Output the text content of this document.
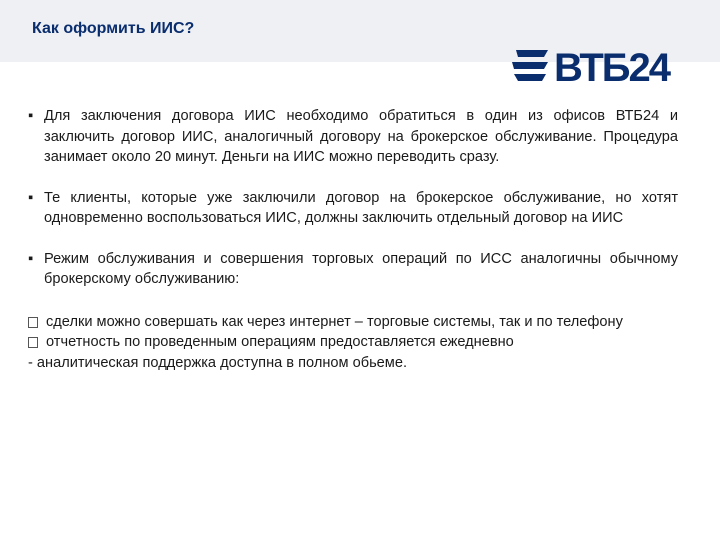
Как оформить ИИС?
ВТБ24
▪ Для заключения договора ИИС необходимо обратиться в один из офисов ВТБ24 и заключить договор ИИС, аналогичный договору на брокерское обслуживание. Процедура занимает около 20 минут. Деньги на ИИС можно переводить сразу.
▪ Те клиенты, которые уже заключили договор на брокерское обслуживание, но хотят одновременно воспользоваться ИИС, должны заключить отдельный договор на ИИС
▪ Режим обслуживания и совершения торговых операций по ИСС аналогичны обычному брокерскому обслуживанию:
сделки можно совершать как через интернет – торговые системы, так и по телефону
отчетность по проведенным операциям предоставляется ежедневно
- аналитическая поддержка доступна в полном обьеме.
